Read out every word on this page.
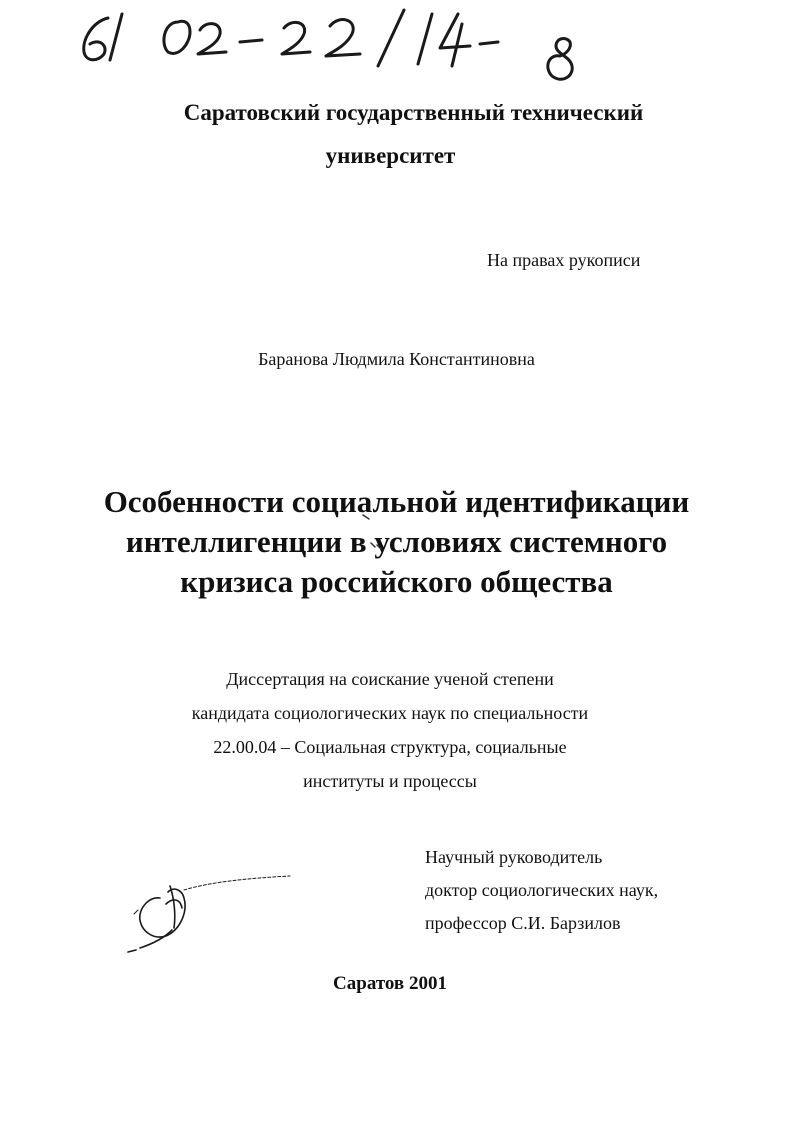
61 02- 22/14- 8
Саратовский государственный технический
университет
На правах рукописи
Баранова Людмила Константиновна
Особенности социальной идентификации
интеллигенции в условиях системного
кризиса российского общества
Диссертация на соискание ученой степени
кандидата социологических наук по специальности
22.00.04 – Социальная структура, социальные
институты и процессы
Научный руководитель
доктор социологических наук,
профессор С.И. Барзилов
Саратов 2001
